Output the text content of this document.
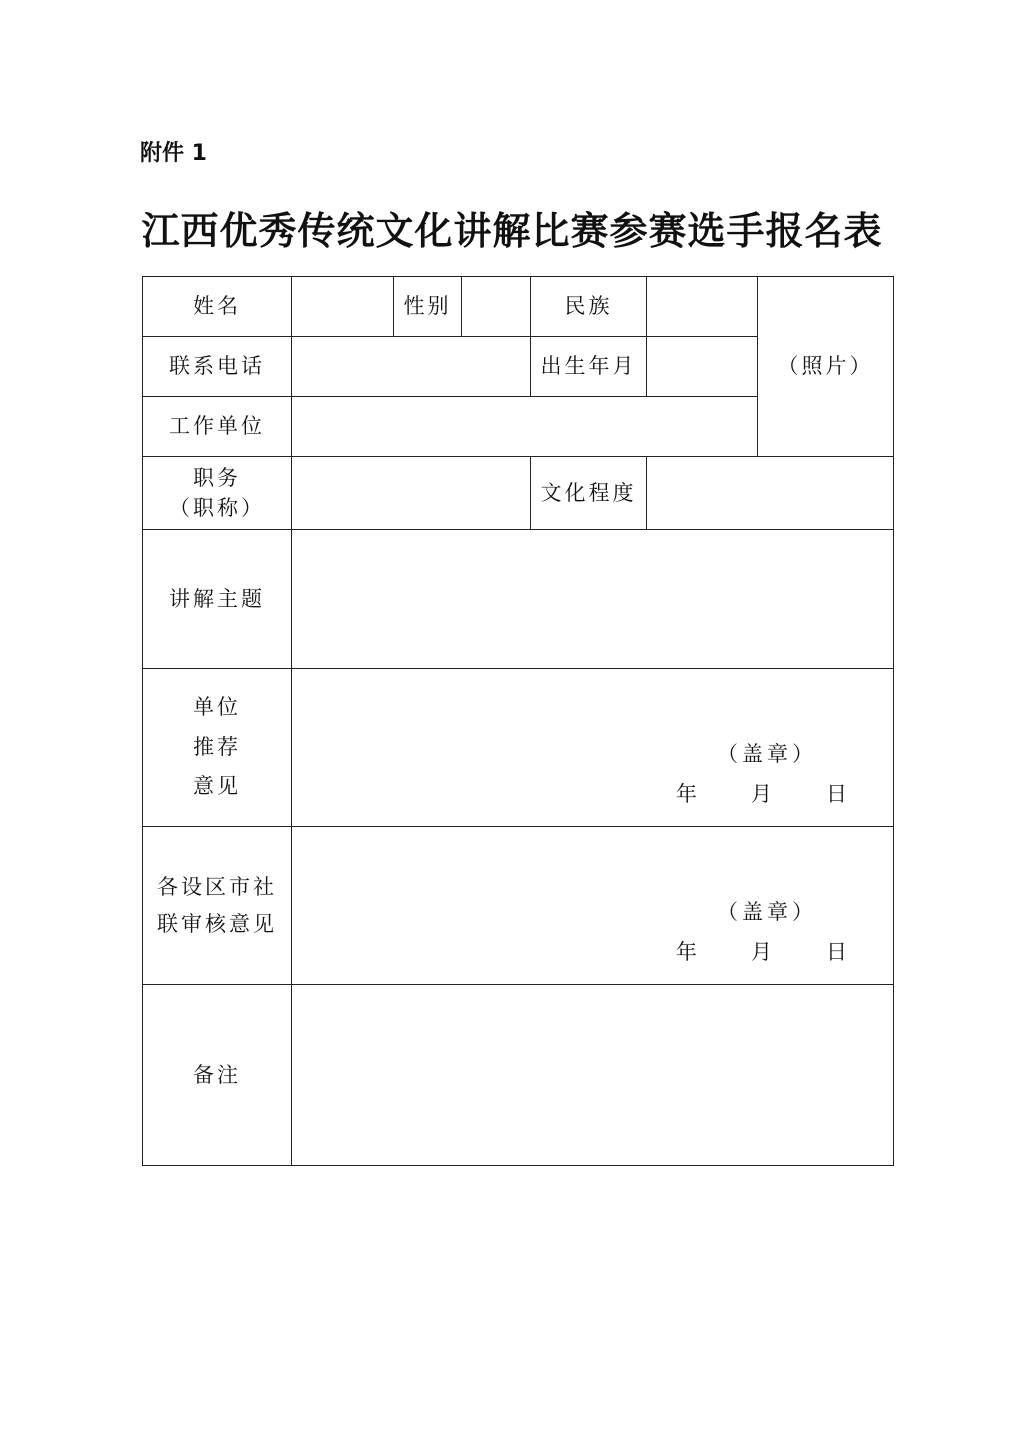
附件 1
江西优秀传统文化讲解比赛参赛选手报名表
姓名		性别		民族		（照片）
联系电话				出生年月		
工作单位						

职务
（职称）				文化程度		
讲解主题						

单位
推荐
意见	（盖章）
年      月      日					

各设区市社
联审核意见	（盖章）
年      月      日					

备注						
